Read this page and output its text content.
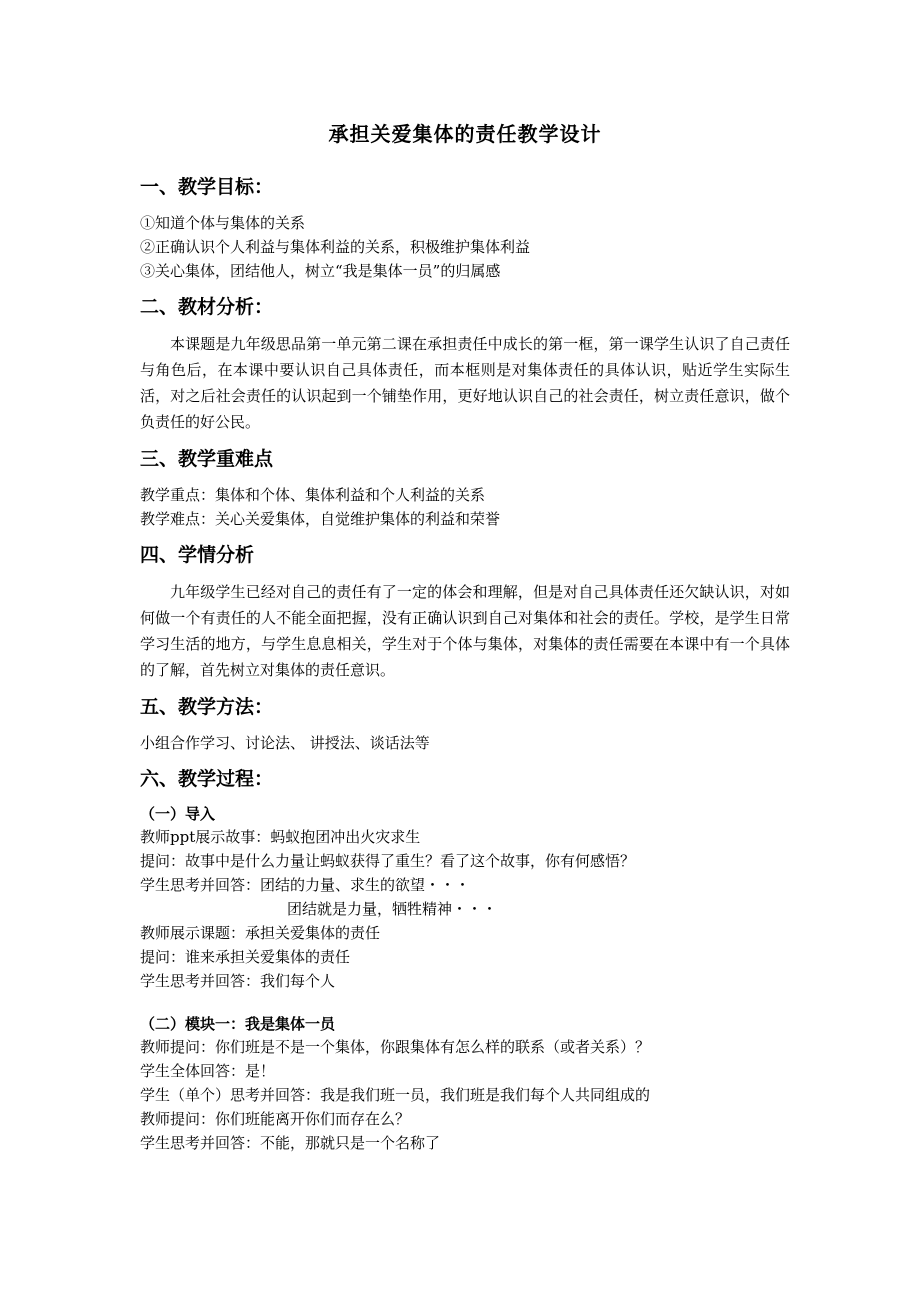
承担关爱集体的责任教学设计
一、教学目标：

①知道个体与集体的关系

②正确认识个人利益与集体利益的关系，积极维护集体利益

③关心集体，团结他人，树立“我是集体一员”的归属感

二、教材分析：

本课题是九年级思品第一单元第二课在承担责任中成长的第一框，第一课学生认识了自己责任与角色后，在本课中要认识自己具体责任，而本框则是对集体责任的具体认识，贴近学生实际生活，对之后社会责任的认识起到一个铺垫作用，更好地认识自己的社会责任，树立责任意识，做个负责任的好公民。

三、教学重难点

教学重点：集体和个体、集体利益和个人利益的关系

教学难点：关心关爱集体，自觉维护集体的利益和荣誉

四、学情分析

九年级学生已经对自己的责任有了一定的体会和理解，但是对自己具体责任还欠缺认识，对如何做一个有责任的人不能全面把握，没有正确认识到自己对集体和社会的责任。学校，是学生日常学习生活的地方，与学生息息相关，学生对于个体与集体，对集体的责任需要在本课中有一个具体的了解，首先树立对集体的责任意识。

五、教学方法：

小组合作学习、讨论法、 讲授法、谈话法等

六、教学过程：
（一）导入

教师ppt展示故事：蚂蚁抱团冲出火灾求生

提问：故事中是什么力量让蚂蚁获得了重生？看了这个故事，你有何感悟？

学生思考并回答：团结的力量、求生的欲望・・・

团结就是力量，牺牲精神・・・

教师展示课题：承担关爱集体的责任

提问：谁来承担关爱集体的责任

学生思考并回答：我们每个人

（二）模块一：我是集体一员

教师提问：你们班是不是一个集体，你跟集体有怎么样的联系（或者关系）？

学生全体回答：是！

学生（单个）思考并回答：我是我们班一员，我们班是我们每个人共同组成的

教师提问：你们班能离开你们而存在么？

学生思考并回答：不能，那就只是一个名称了
